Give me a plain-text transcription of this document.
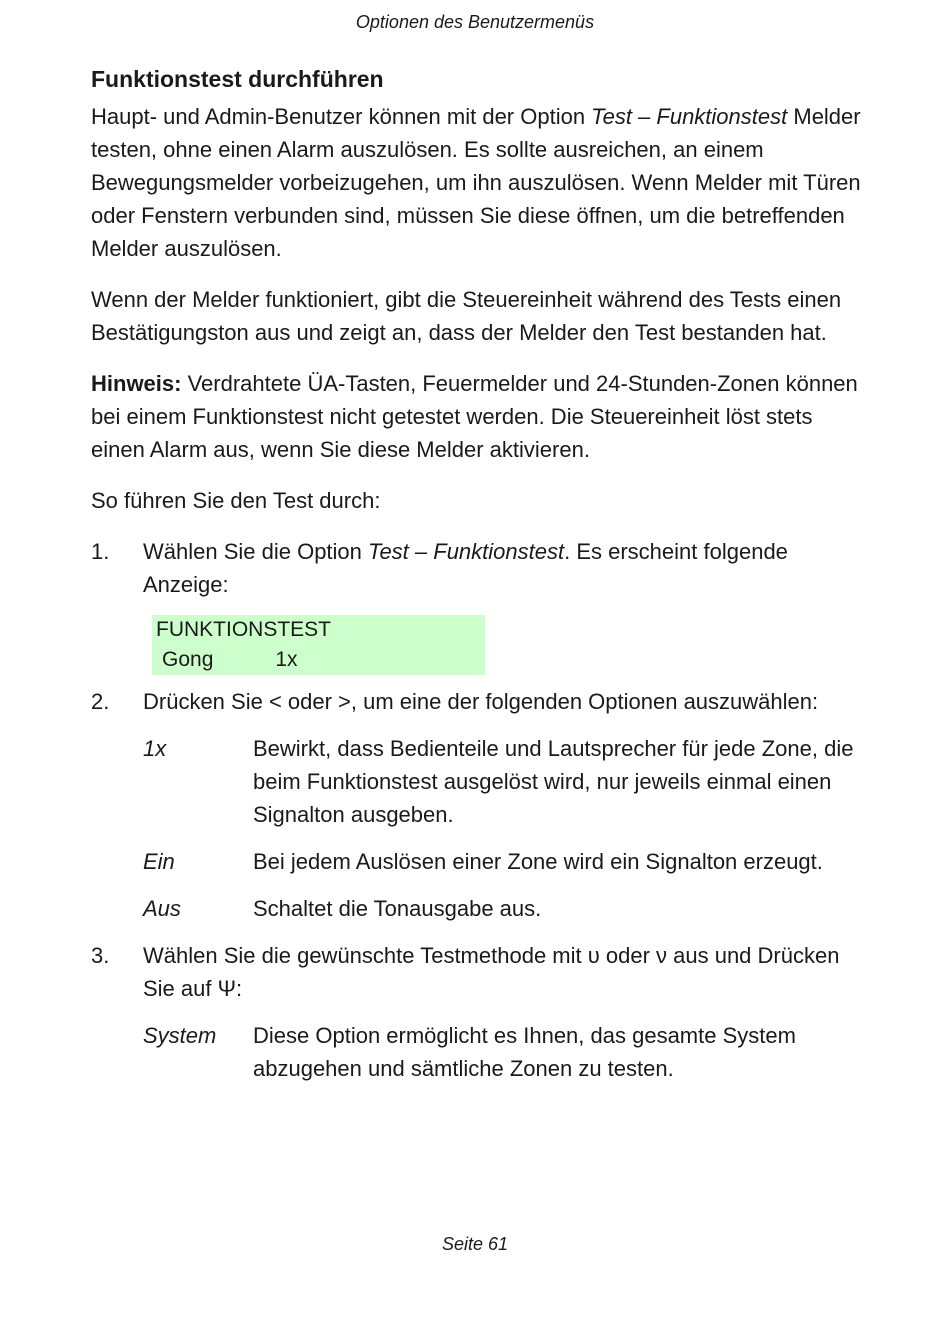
Optionen des Benutzermenüs
Funktionstest durchführen

Haupt- und Admin-Benutzer können mit der Option Test – Funktionstest Melder testen, ohne einen Alarm auszulösen. Es sollte ausreichen, an einem Bewegungsmelder vorbeizugehen, um ihn auszulösen. Wenn Melder mit Türen oder Fenstern verbunden sind, müssen Sie diese öffnen, um die betreffenden Melder auszulösen.

Wenn der Melder funktioniert, gibt die Steuereinheit während des Tests einen Bestätigungston aus und zeigt an, dass der Melder den Test bestanden hat.

Hinweis: Verdrahtete ÜA-Tasten, Feuermelder und 24-Stunden-Zonen können bei einem Funktionstest nicht getestet werden. Die Steuereinheit löst stets einen Alarm aus, wenn Sie diese Melder aktivieren.

So führen Sie den Test durch:

1. Wählen Sie die Option Test – Funktionstest. Es erscheint folgende Anzeige:
FUNKTIONSTEST
Gong	1x
2. Drücken Sie < oder >, um eine der folgenden Optionen auszuwählen:
1x	Bewirkt, dass Bedienteile und Lautsprecher für jede Zone, die beim Funktionstest ausgelöst wird, nur jeweils einmal einen Signalton ausgeben.
Ein	Bei jedem Auslösen einer Zone wird ein Signalton erzeugt.
Aus	Schaltet die Tonausgabe aus.
3. Wählen Sie die gewünschte Testmethode mit υ oder ν aus und Drücken Sie auf Ψ:
System	Diese Option ermöglicht es Ihnen, das gesamte System abzugehen und sämtliche Zonen zu testen.
Seite 61
